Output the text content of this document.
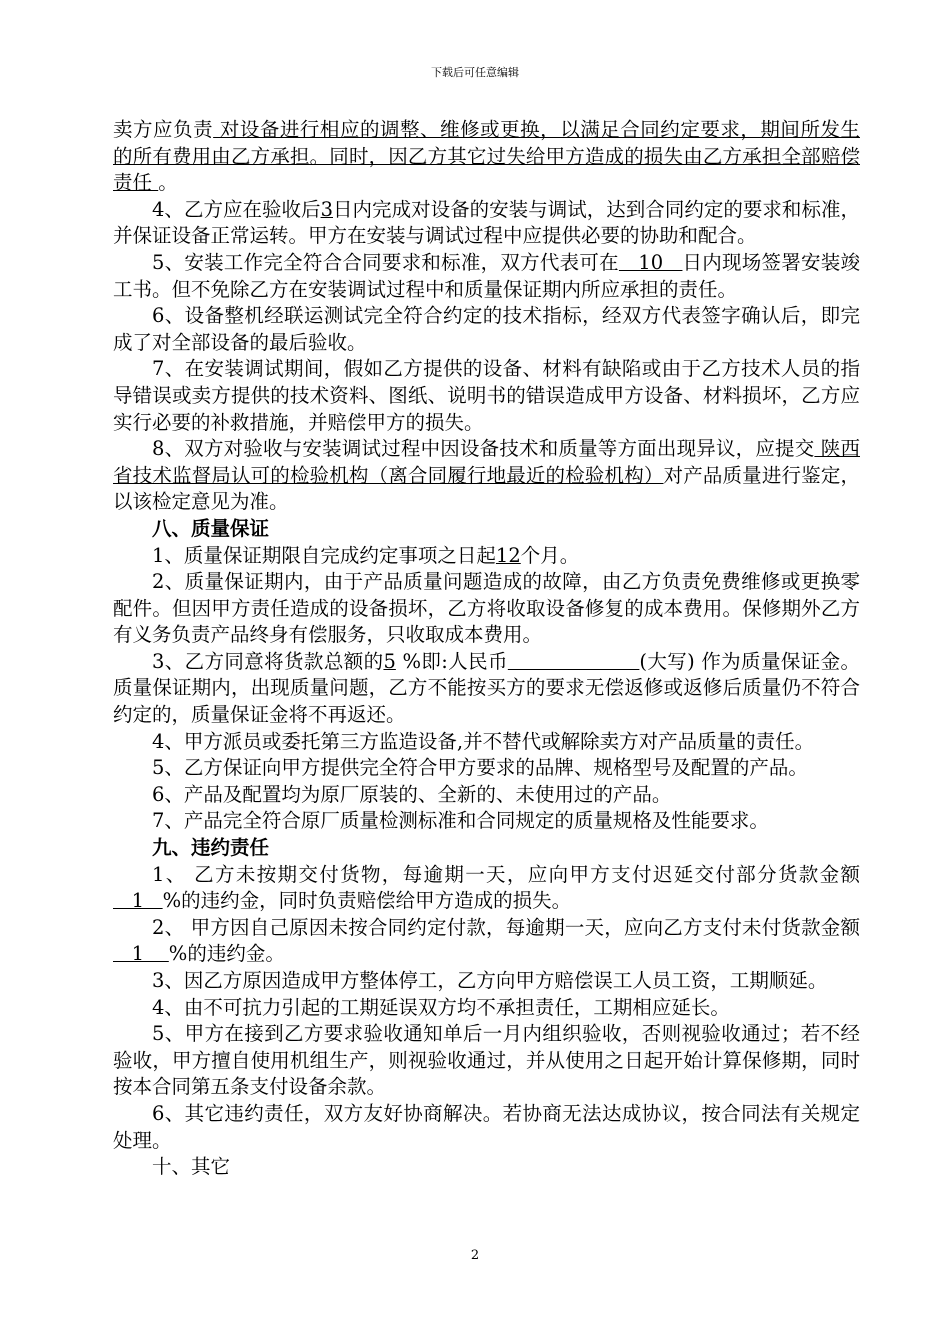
下载后可任意编辑

卖方应负责 对设备进行相应的调整、维修或更换，以满足合同约定要求，期间所发生的所有费用由乙方承担。同时，因乙方其它过失给甲方造成的损失由乙方承担全部赔偿责任 。

4、乙方应在验收后3日内完成对设备的安装与调试，达到合同约定的要求和标准，并保证设备正常运转。甲方在安装与调试过程中应提供必要的协助和配合。

5、安装工作完全符合合同要求和标准，双方代表可在   10   日内现场签署安装竣工书。但不免除乙方在安装调试过程中和质量保证期内所应承担的责任。

6、设备整机经联运测试完全符合约定的技术指标，经双方代表签字确认后，即完成了对全部设备的最后验收。

7、在安装调试期间，假如乙方提供的设备、材料有缺陷或由于乙方技术人员的指导错误或卖方提供的技术资料、图纸、说明书的错误造成甲方设备、材料损坏，乙方应实行必要的补救措施，并赔偿甲方的损失。

8、双方对验收与安装调试过程中因设备技术和质量等方面出现异议，应提交 陕西省技术监督局认可的检验机构（离合同履行地最近的检验机构）对产品质量进行鉴定，以该检定意见为准。

八、质量保证

1、质量保证期限自完成约定事项之日起12个月。

2、质量保证期内，由于产品质量问题造成的故障，由乙方负责免费维修或更换零配件。但因甲方责任造成的设备损坏，乙方将收取设备修复的成本费用。保修期外乙方有义务负责产品终身有偿服务，只收取成本费用。

3、乙方同意将货款总额的5 %即:人民币	(大写) 作为质量保证金。质量保证期内，出现质量问题，乙方不能按买方的要求无偿返修或返修后质量仍不符合约定的，质量保证金将不再返还。

4、甲方派员或委托第三方监造设备,并不替代或解除卖方对产品质量的责任。

5、乙方保证向甲方提供完全符合甲方要求的品牌、规格型号及配置的产品。

6、产品及配置均为原厂原装的、全新的、未使用过的产品。

7、产品完全符合原厂质量检测标准和合同规定的质量规格及性能要求。

九、违约责任

1、 乙方未按期交付货物，每逾期一天，应向甲方支付迟延交付部分货款金额   1   %的违约金，同时负责赔偿给甲方造成的损失。

2、 甲方因自己原因未按合同约定付款，每逾期一天，应向乙方支付未付货款金额   1    %的违约金。

3、因乙方原因造成甲方整体停工，乙方向甲方赔偿误工人员工资，工期顺延。

4、由不可抗力引起的工期延误双方均不承担责任，工期相应延长。

5、甲方在接到乙方要求验收通知单后一月内组织验收，否则视验收通过；若不经验收，甲方擅自使用机组生产，则视验收通过，并从使用之日起开始计算保修期，同时按本合同第五条支付设备余款。

6、其它违约责任，双方友好协商解决。若协商无法达成协议，按合同法有关规定处理。

十、其它

2
